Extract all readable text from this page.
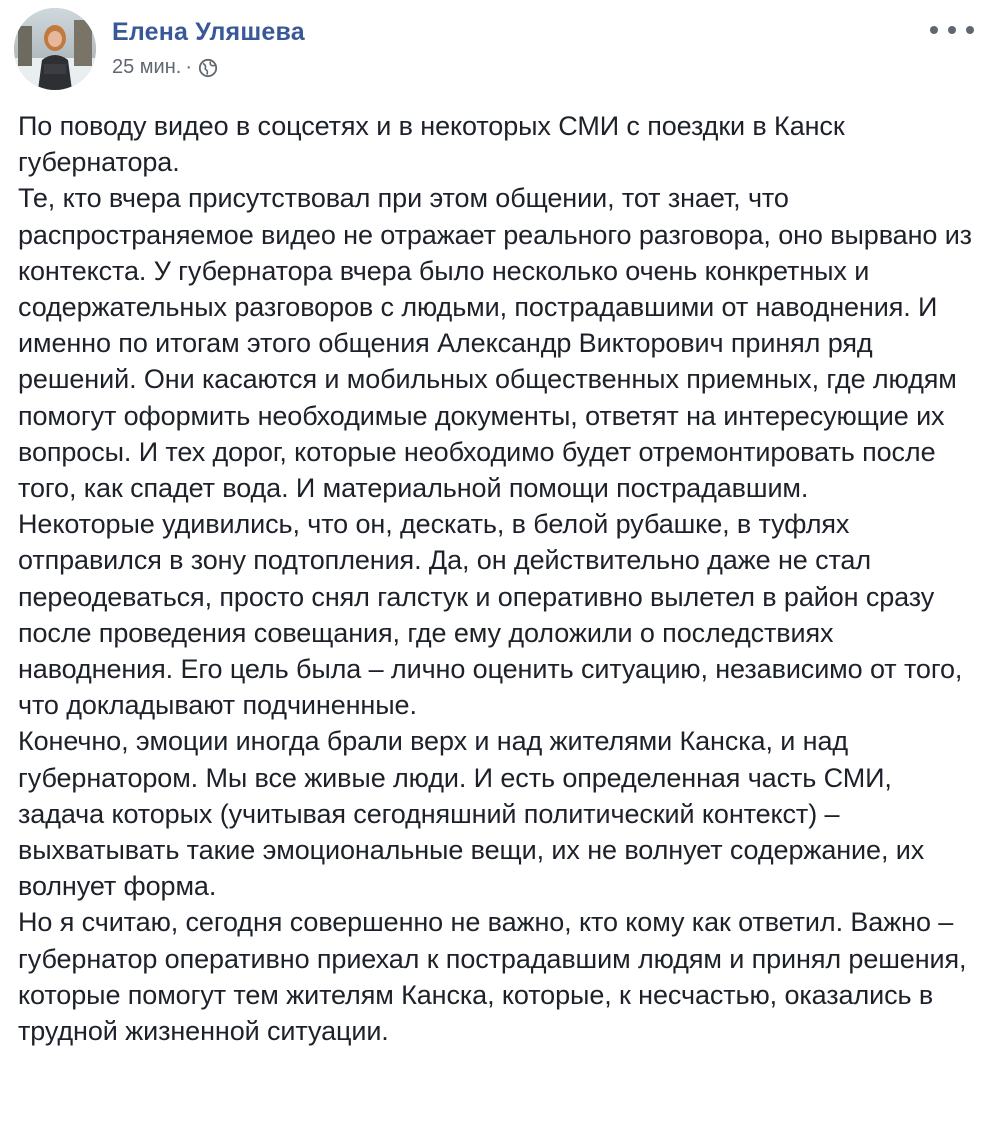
Елена Уляшева
25 мин. ·

По поводу видео в соцсетях и в некоторых СМИ с поездки в Канск губернатора.

Те, кто вчера присутствовал при этом общении, тот знает, что распространяемое видео не отражает реального разговора, оно вырвано из контекста. У губернатора вчера было несколько очень конкретных и содержательных разговоров с людьми, пострадавшими от наводнения. И именно по итогам этого общения Александр Викторович принял ряд решений. Они касаются и мобильных общественных приемных, где людям помогут оформить необходимые документы, ответят на интересующие их вопросы. И тех дорог, которые необходимо будет отремонтировать после того, как спадет вода. И материальной помощи пострадавшим.

Некоторые удивились, что он, дескать, в белой рубашке, в туфлях отправился в зону подтопления. Да, он действительно даже не стал переодеваться, просто снял галстук и оперативно вылетел в район сразу после проведения совещания, где ему доложили о последствиях наводнения. Его цель была – лично оценить ситуацию, независимо от того, что докладывают подчиненные.

Конечно, эмоции иногда брали верх и над жителями Канска, и над губернатором. Мы все живые люди. И есть определенная часть СМИ, задача которых (учитывая сегодняшний политический контекст) – выхватывать такие эмоциональные вещи, их не волнует содержание, их волнует форма.

Но я считаю, сегодня совершенно не важно, кто кому как ответил. Важно – губернатор оперативно приехал к пострадавшим людям и принял решения, которые помогут тем жителям Канска, которые, к несчастью, оказались в трудной жизненной ситуации.
